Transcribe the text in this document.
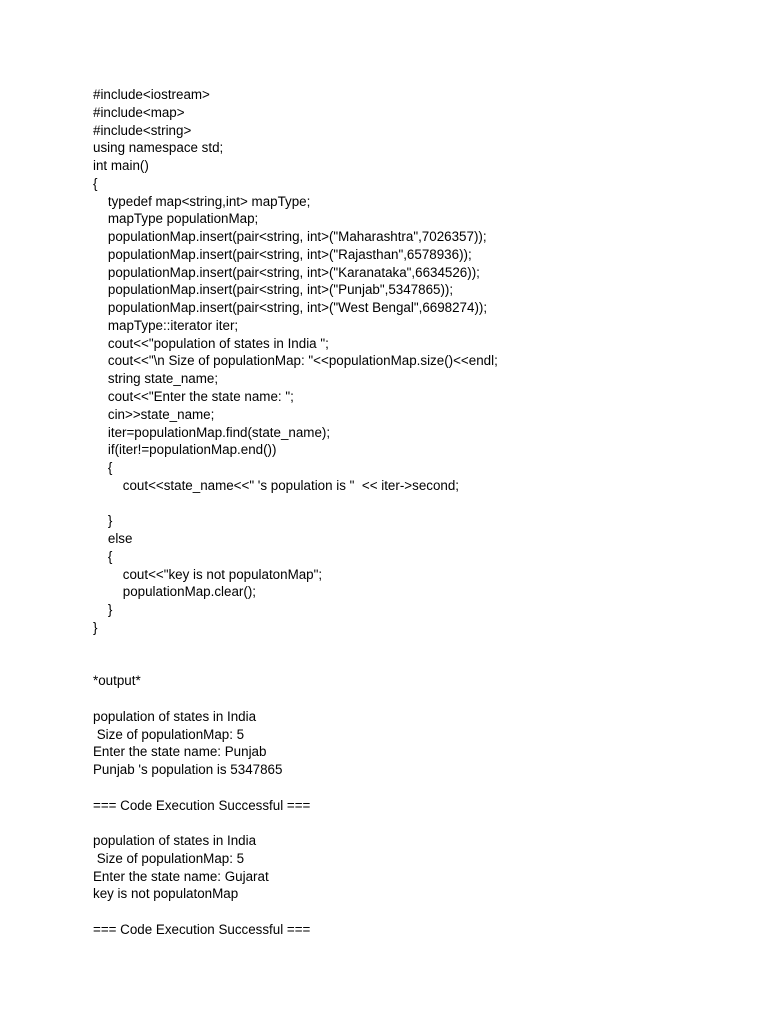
#include<iostream>
#include<map>
#include<string>
using namespace std;
int main()
{
typedef map<string,int> mapType;
mapType populationMap;
populationMap.insert(pair<string, int>("Maharashtra",7026357));
populationMap.insert(pair<string, int>("Rajasthan",6578936));
populationMap.insert(pair<string, int>("Karanataka",6634526));
populationMap.insert(pair<string, int>("Punjab",5347865));
populationMap.insert(pair<string, int>("West Bengal",6698274));
mapType::iterator iter;
cout<<"population of states in India ";
cout<<"\n Size of populationMap: "<<populationMap.size()<<endl;
string state_name;
cout<<"Enter the state name: ";
cin>>state_name;
iter=populationMap.find(state_name);
if(iter!=populationMap.end())
{
cout<<state_name<<" 's population is "  << iter->second;
}
else
{
cout<<"key is not populatonMap";
populationMap.clear();
}
}
*output*
population of states in India
Size of populationMap: 5
Enter the state name: Punjab
Punjab 's population is 5347865
=== Code Execution Successful ===
population of states in India
Size of populationMap: 5
Enter the state name: Gujarat
key is not populatonMap
=== Code Execution Successful ===
